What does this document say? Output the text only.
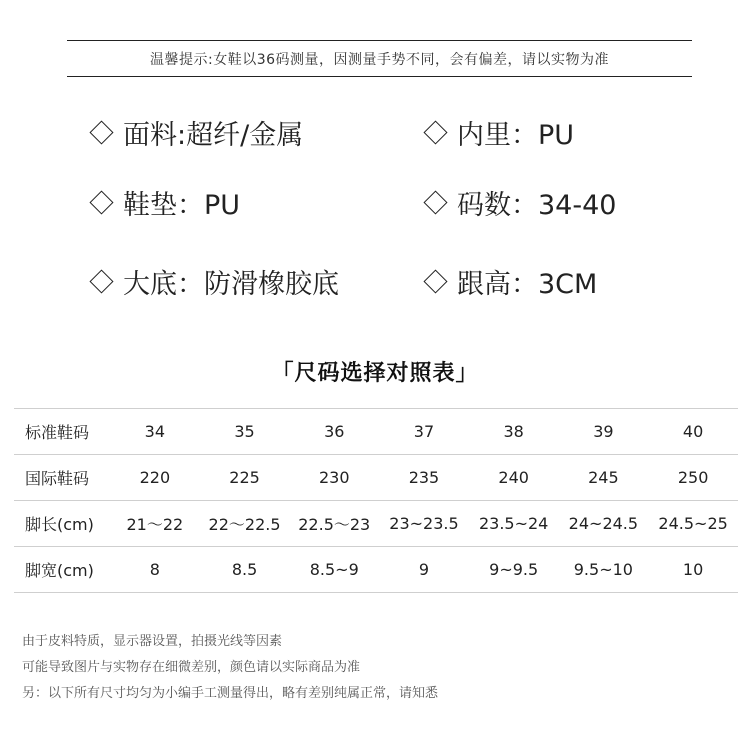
温馨提示:女鞋以36码测量，因测量手势不同，会有偏差，请以实物为准
面料:超纤/金属	内里：PU
鞋垫：PU	码数：34-40
大底：防滑橡胶底	跟高：3CM
「尺码选择对照表」
标准鞋码	34	35	36	37	38	39	40
国际鞋码	220	225	230	235	240	245	250
脚长(cm)	21～22	22～22.5	22.5～23	23~23.5	23.5~24	24~24.5	24.5~25
脚宽(cm)	8	8.5	8.5~9	9	9~9.5	9.5~10	10
由于皮料特质，显示器设置，拍摄光线等因素
可能导致图片与实物存在细微差别，颜色请以实际商品为准
另：以下所有尺寸均匀为小编手工测量得出，略有差别纯属正常，请知悉
